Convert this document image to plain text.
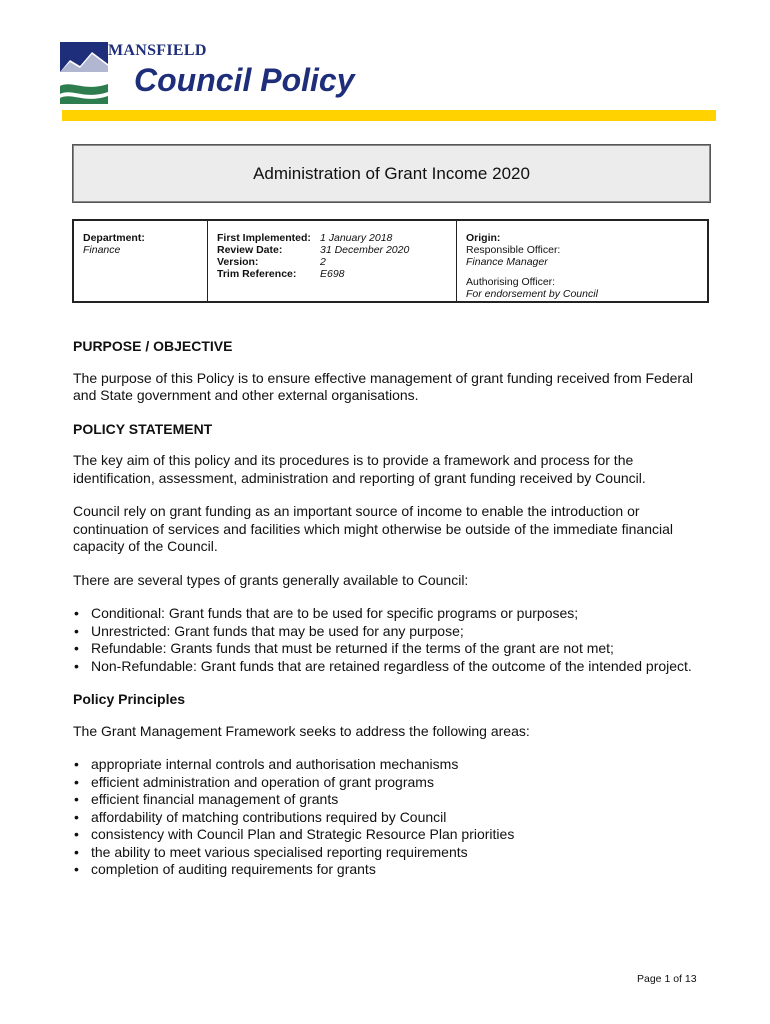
MANSFIELD
Council Policy
Administration of Grant Income 2020
Department:
Finance
First Implemented: 1 January 2018
Review Date:	31 December 2020
Version:	2
Trim Reference:	E698
Origin:
Responsible Officer:
Finance Manager
Authorising Officer:
For endorsement by Council
PURPOSE / OBJECTIVE

The purpose of this Policy is to ensure effective management of grant funding received from Federal and State government and other external organisations.

POLICY STATEMENT

The key aim of this policy and its procedures is to provide a framework and process for the identification, assessment, administration and reporting of grant funding received by Council.

Council rely on grant funding as an important source of income to enable the introduction or continuation of services and facilities which might otherwise be outside of the immediate financial capacity of the Council.

There are several types of grants generally available to Council:

• Conditional: Grant funds that are to be used for specific programs or purposes;
• Unrestricted: Grant funds that may be used for any purpose;
• Refundable: Grants funds that must be returned if the terms of the grant are not met;
• Non-Refundable: Grant funds that are retained regardless of the outcome of the intended project.
Policy Principles

The Grant Management Framework seeks to address the following areas:

• appropriate internal controls and authorisation mechanisms
• efficient administration and operation of grant programs
• efficient financial management of grants
• affordability of matching contributions required by Council
• consistency with Council Plan and Strategic Resource Plan priorities
• the ability to meet various specialised reporting requirements
• completion of auditing requirements for grants
Page 1 of 13
